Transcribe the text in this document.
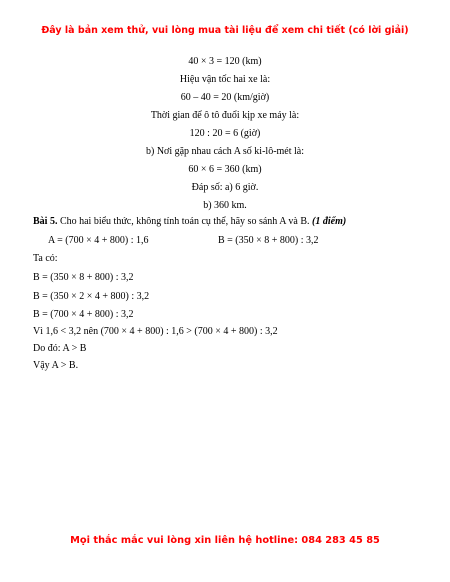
Đây là bản xem thử, vui lòng mua tài liệu để xem chi tiết (có lời giải)
40 × 3 = 120 (km)
Hiệu vận tốc hai xe là:
60 – 40 = 20 (km/giờ)
Thời gian để ô tô đuổi kịp xe máy là:
120 : 20 = 6 (giờ)
b) Nơi gặp nhau cách A số ki-lô-mét là:
60 × 6 = 360 (km)
Đáp số: a) 6 giờ.
b) 360 km.
Bài 5. Cho hai biểu thức, không tính toán cụ thể, hãy so sánh A và B. (1 điểm)
A = (700 × 4 + 800) : 1,6	B = (350 × 8 + 800) : 3,2
Ta có:
B = (350 × 8 + 800) : 3,2
B = (350 × 2 × 4 + 800) : 3,2
B = (700 × 4 + 800) : 3,2
Vì 1,6 < 3,2 nên (700 × 4 + 800) : 1,6 > (700 × 4 + 800) : 3,2
Do đó: A > B
Vậy A > B.
Mọi thắc mắc vui lòng xin liên hệ hotline: 084 283 45 85
